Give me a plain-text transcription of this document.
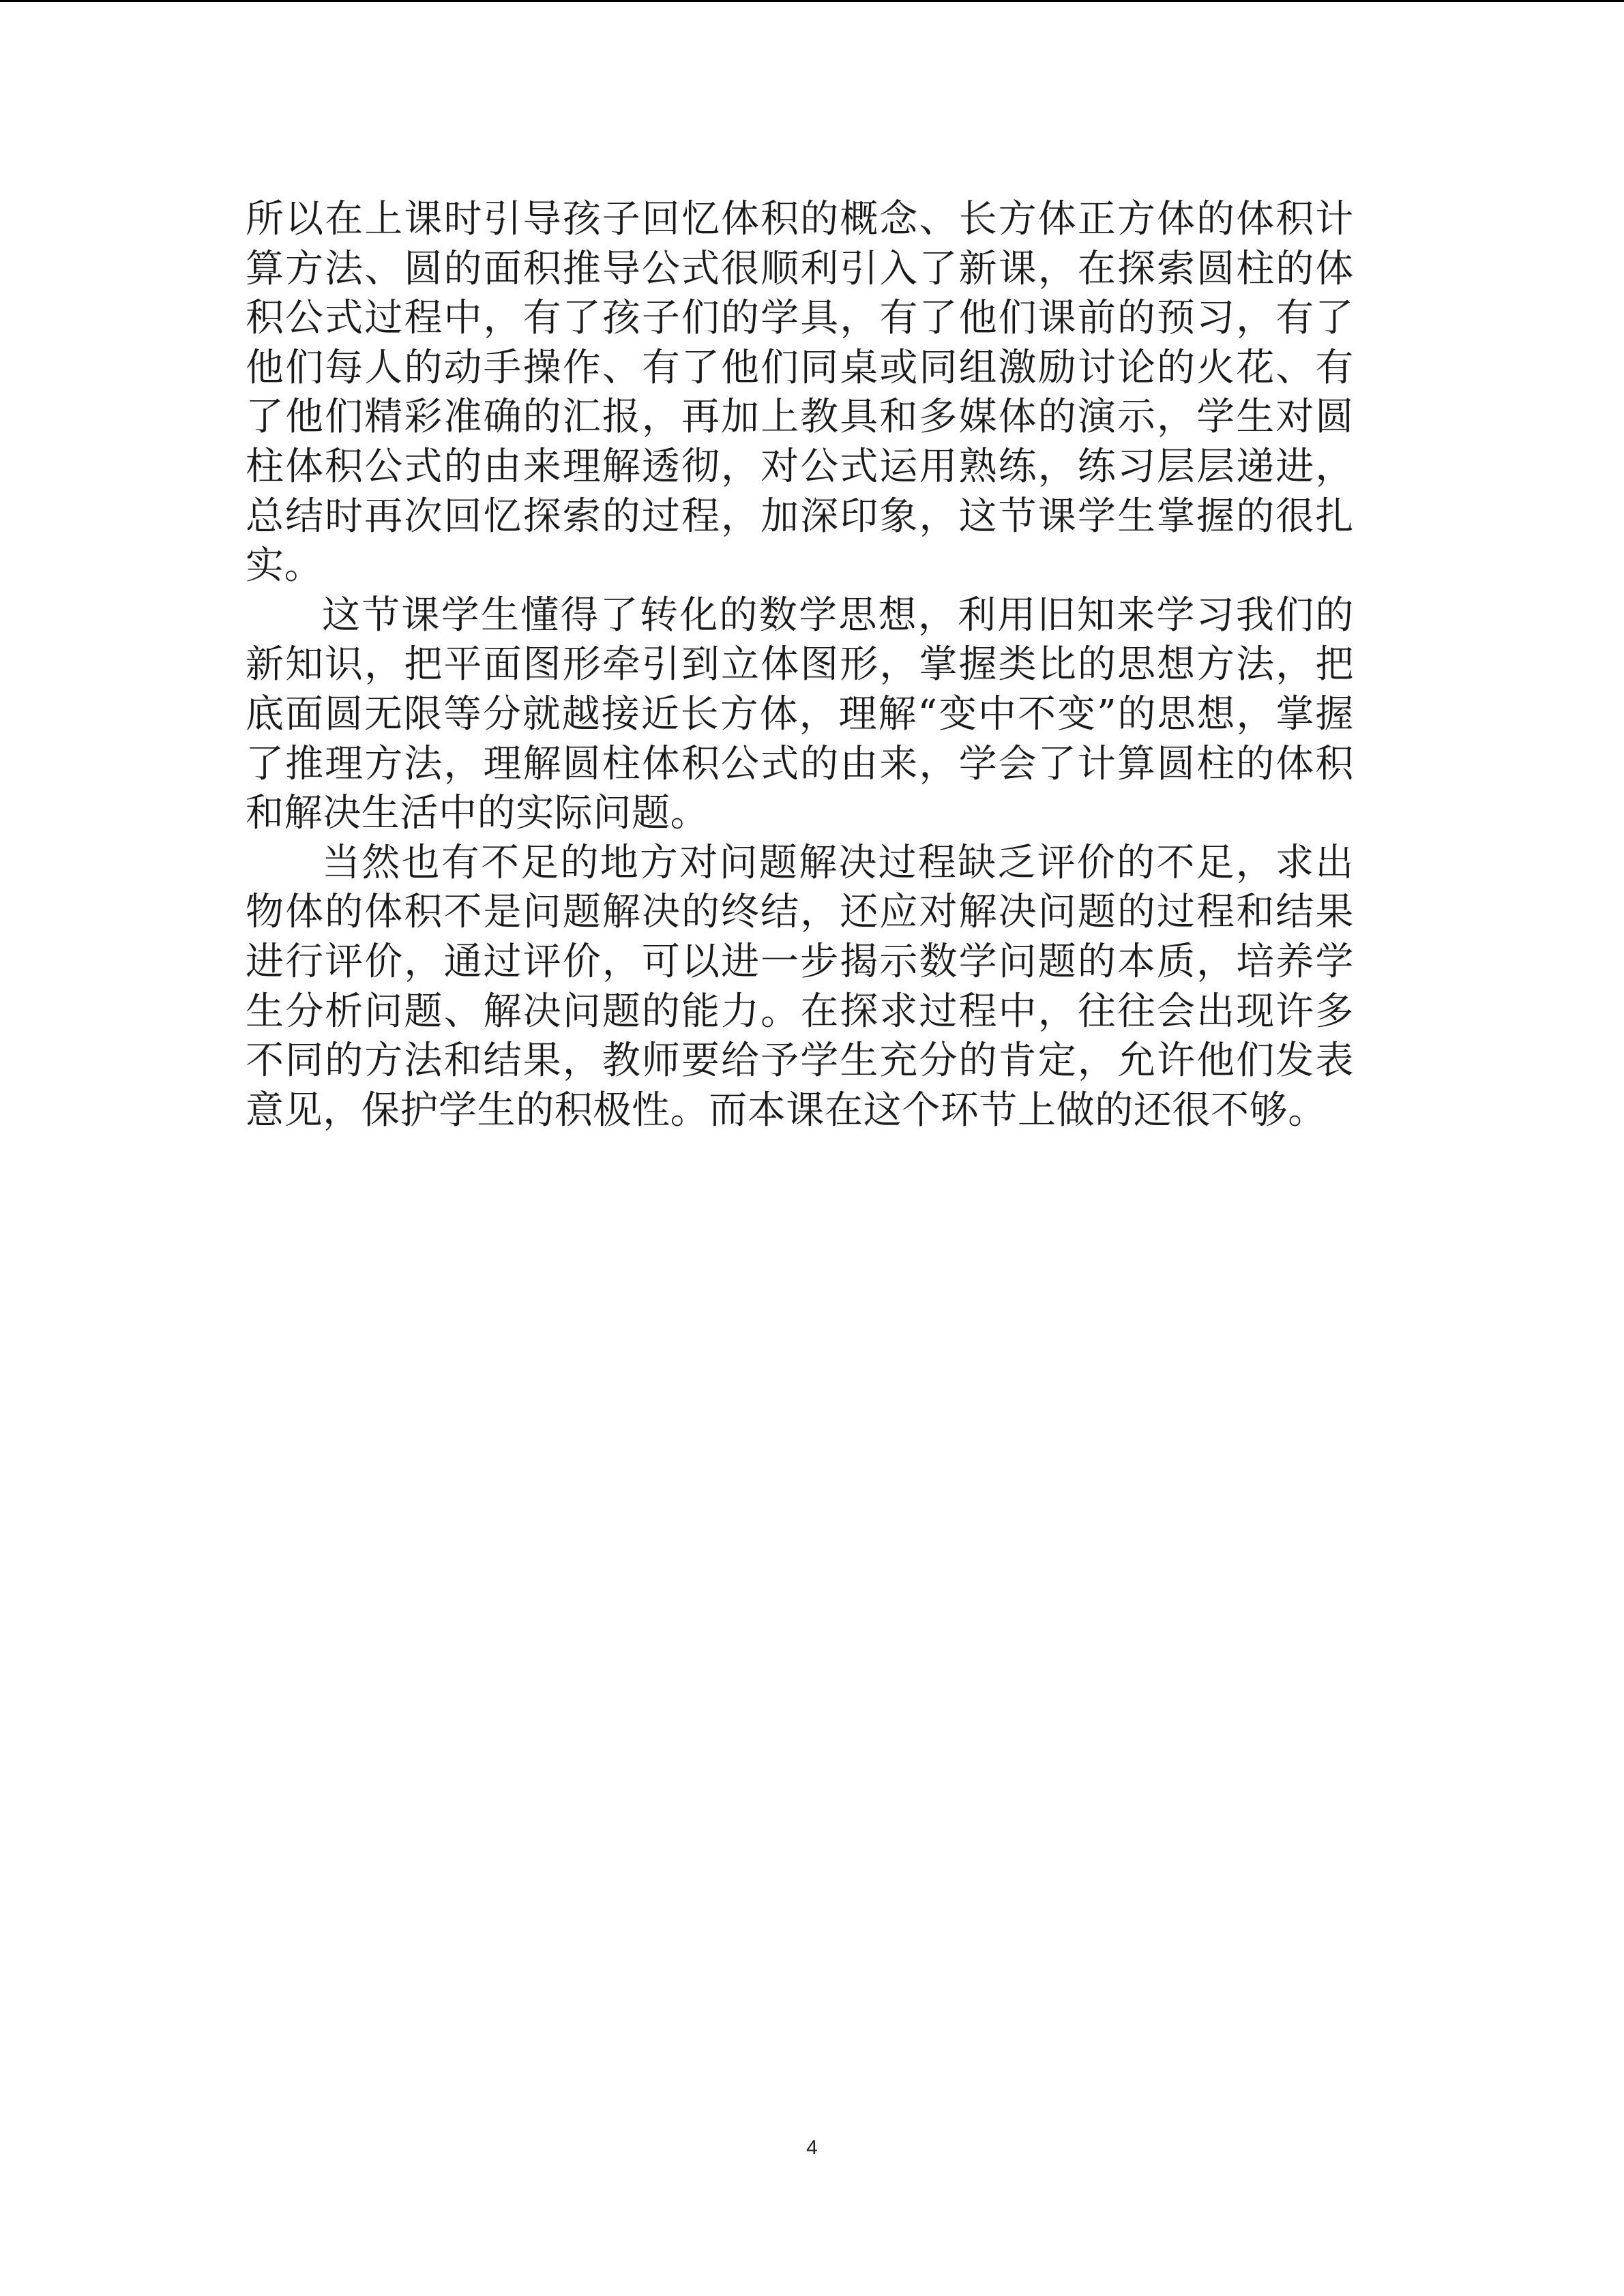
所以在上课时引导孩子回忆体积的概念、长方体正方体的体积计算方法、圆的面积推导公式很顺利引入了新课，在探索圆柱的体积公式过程中，有了孩子们的学具，有了他们课前的预习，有了他们每人的动手操作、有了他们同桌或同组激励讨论的火花、有了他们精彩准确的汇报，再加上教具和多媒体的演示，学生对圆柱体积公式的由来理解透彻，对公式运用熟练，练习层层递进，总结时再次回忆探索的过程，加深印象，这节课学生掌握的很扎实。

这节课学生懂得了转化的数学思想，利用旧知来学习我们的新知识，把平面图形牵引到立体图形，掌握类比的思想方法，把底面圆无限等分就越接近长方体，理解“变中不变”的思想，掌握了推理方法，理解圆柱体积公式的由来，学会了计算圆柱的体积和解决生活中的实际问题。

当然也有不足的地方对问题解决过程缺乏评价的不足，求出物体的体积不是问题解决的终结，还应对解决问题的过程和结果进行评价，通过评价，可以进一步揭示数学问题的本质，培养学生分析问题、解决问题的能力。在探求过程中，往往会出现许多不同的方法和结果，教师要给予学生充分的肯定，允许他们发表意见，保护学生的积极性。而本课在这个环节上做的还很不够。

4
